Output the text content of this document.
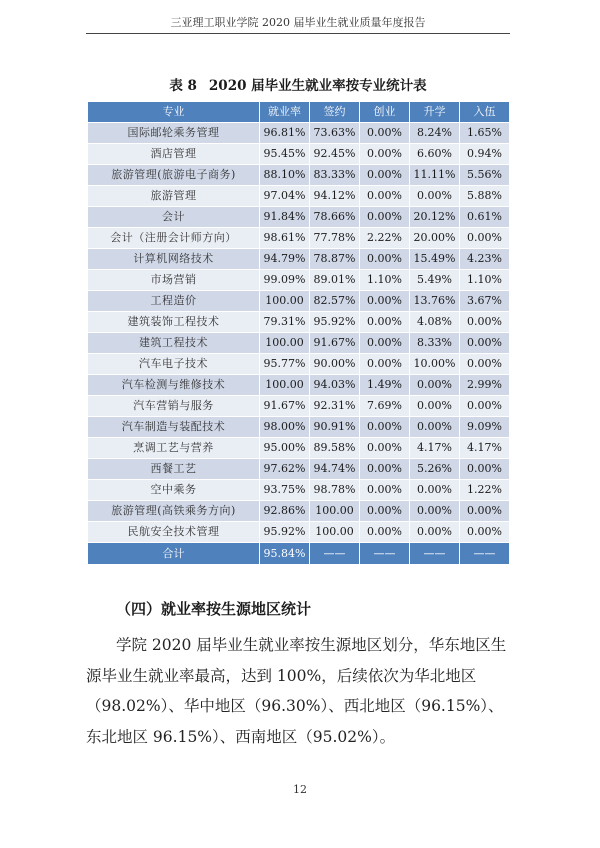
三亚理工职业学院 2020 届毕业生就业质量年度报告
表 8 2020 届毕业生就业率按专业统计表
专业	就业率	签约	创业	升学	入伍
国际邮轮乘务管理	96.81%	73.63%	0.00%	8.24%	1.65%
酒店管理	95.45%	92.45%	0.00%	6.60%	0.94%
旅游管理(旅游电子商务)	88.10%	83.33%	0.00%	11.11%	5.56%
旅游管理	97.04%	94.12%	0.00%	0.00%	5.88%
会计	91.84%	78.66%	0.00%	20.12%	0.61%
会计（注册会计师方向）	98.61%	77.78%	2.22%	20.00%	0.00%
计算机网络技术	94.79%	78.87%	0.00%	15.49%	4.23%
市场营销	99.09%	89.01%	1.10%	5.49%	1.10%
工程造价	100.00	82.57%	0.00%	13.76%	3.67%
建筑装饰工程技术	79.31%	95.92%	0.00%	4.08%	0.00%
建筑工程技术	100.00	91.67%	0.00%	8.33%	0.00%
汽车电子技术	95.77%	90.00%	0.00%	10.00%	0.00%
汽车检测与维修技术	100.00	94.03%	1.49%	0.00%	2.99%
汽车营销与服务	91.67%	92.31%	7.69%	0.00%	0.00%
汽车制造与装配技术	98.00%	90.91%	0.00%	0.00%	9.09%
烹调工艺与营养	95.00%	89.58%	0.00%	4.17%	4.17%
西餐工艺	97.62%	94.74%	0.00%	5.26%	0.00%
空中乘务	93.75%	98.78%	0.00%	0.00%	1.22%
旅游管理(高铁乘务方向)	92.86%	100.00	0.00%	0.00%	0.00%
民航安全技术管理	95.92%	100.00	0.00%	0.00%	0.00%
合计	95.84%	——	——	——	——
（四）就业率按生源地区统计
学院 2020 届毕业生就业率按生源地区划分，华东地区生
源毕业生就业率最高，达到 100%，后续依次为华北地区
（98.02%）、华中地区（96.30%）、西北地区（96.15%）、
东北地区 96.15%）、西南地区（95.02%）。
12
